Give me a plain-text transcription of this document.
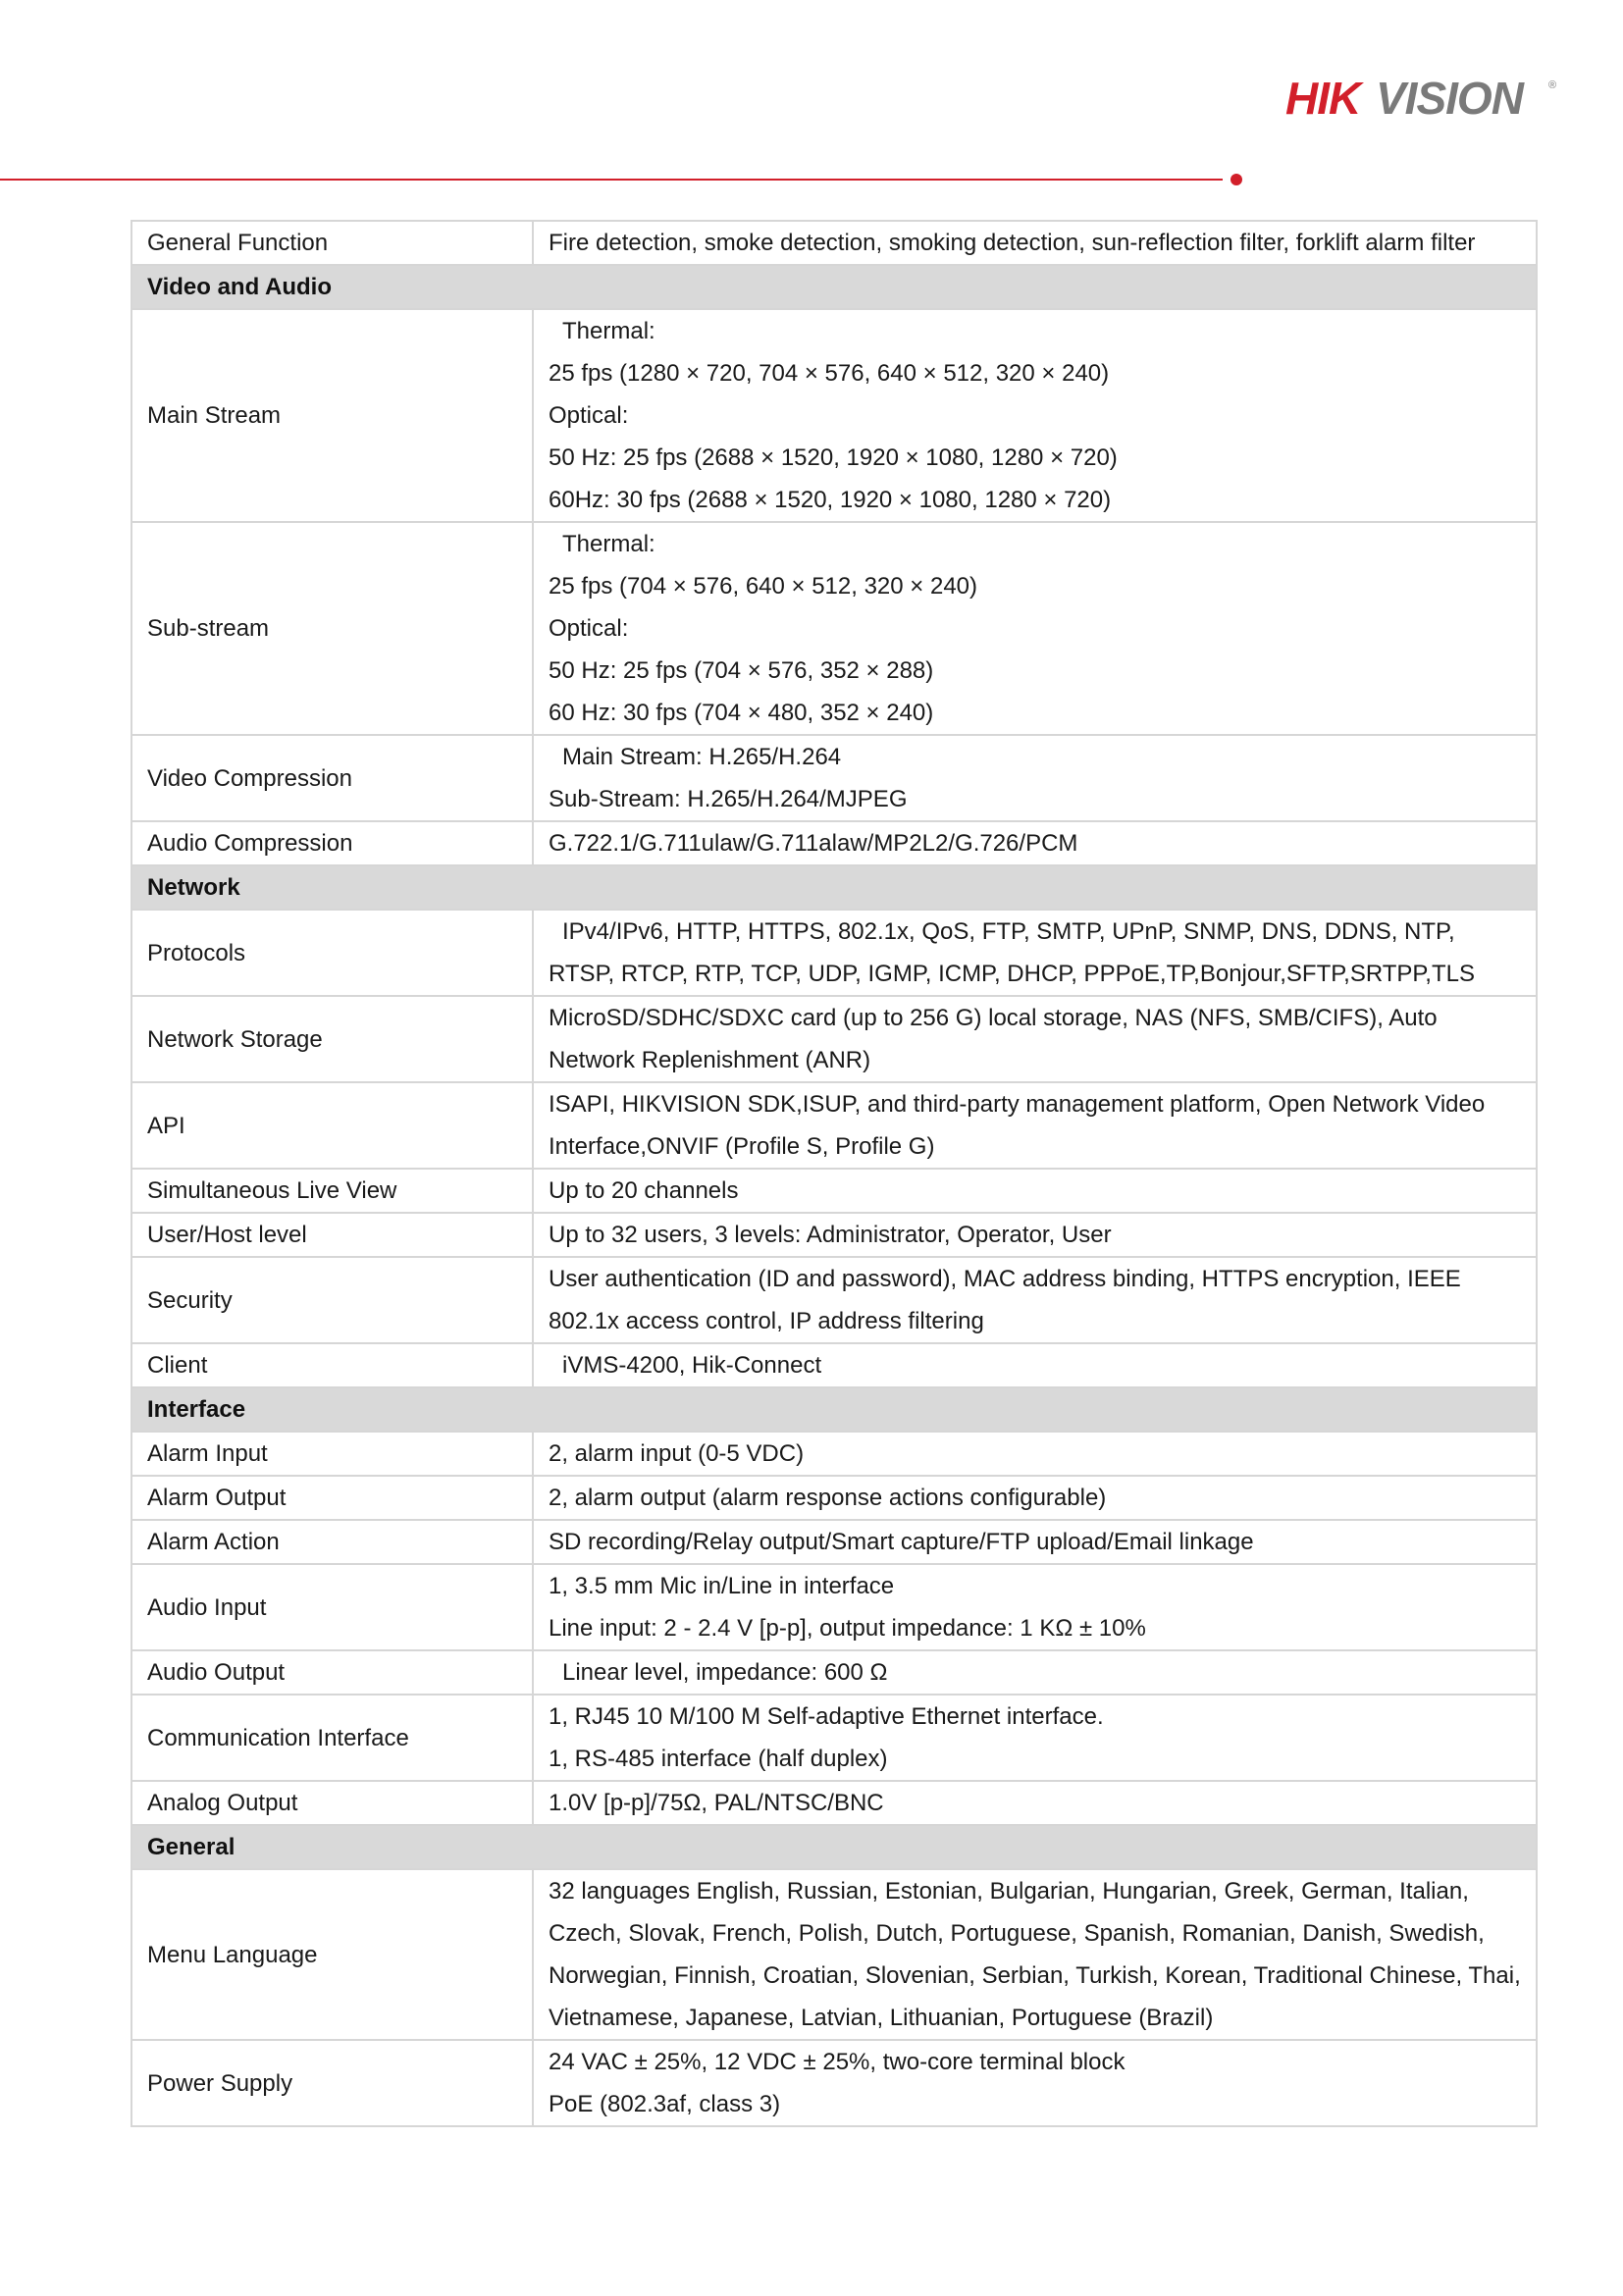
HIK VISION ®
General Function	Fire detection, smoke detection, smoking detection, sun-reflection filter, forklift alarm filter

Video and Audio	
Main Stream	Thermal:
25 fps (1280 × 720, 704 × 576, 640 × 512, 320 × 240)
Optical:
50 Hz: 25 fps (2688 × 1520, 1920 × 1080, 1280 × 720)
60Hz: 30 fps (2688 × 1520, 1920 × 1080, 1280 × 720)

Sub-stream	Thermal:
25 fps (704 × 576, 640 × 512, 320 × 240)
Optical:
50 Hz: 25 fps (704 × 576, 352 × 288)
60 Hz: 30 fps (704 × 480, 352 × 240)

Video Compression	Main Stream: H.265/H.264
Sub-Stream: H.265/H.264/MJPEG

Audio Compression	G.722.1/G.711ulaw/G.711alaw/MP2L2/G.726/PCM

Network	
Protocols	IPv4/IPv6, HTTP, HTTPS, 802.1x, QoS, FTP, SMTP, UPnP, SNMP, DNS, DDNS, NTP,
RTSP, RTCP, RTP, TCP, UDP, IGMP, ICMP, DHCP, PPPoE,TP,Bonjour,SFTP,SRTPP,TLS

Network Storage	MicroSD/SDHC/SDXC card (up to 256 G) local storage, NAS (NFS, SMB/CIFS), Auto Network Replenishment (ANR)

API	ISAPI, HIKVISION SDK,ISUP, and third-party management platform, Open Network Video Interface,ONVIF (Profile S, Profile G)

Simultaneous Live View	Up to 20 channels

User/Host level	Up to 32 users, 3 levels: Administrator, Operator, User

Security	User authentication (ID and password), MAC address binding, HTTPS encryption, IEEE 802.1x access control, IP address filtering

Client	iVMS-4200, Hik-Connect

Interface	
Alarm Input	2, alarm input (0-5 VDC)

Alarm Output	2, alarm output (alarm response actions configurable)

Alarm Action	SD recording/Relay output/Smart capture/FTP upload/Email linkage

Audio Input	1, 3.5 mm Mic in/Line in interface
Line input: 2 - 2.4 V [p-p], output impedance: 1 KΩ ± 10%

Audio Output	Linear level, impedance: 600 Ω

Communication Interface	1, RJ45 10 M/100 M Self-adaptive Ethernet interface.
1, RS-485 interface (half duplex)

Analog Output	1.0V [p-p]/75Ω, PAL/NTSC/BNC

General	
Menu Language	32 languages English, Russian, Estonian, Bulgarian, Hungarian, Greek, German, Italian, Czech, Slovak, French, Polish, Dutch, Portuguese, Spanish, Romanian, Danish, Swedish, Norwegian, Finnish, Croatian, Slovenian, Serbian, Turkish, Korean, Traditional Chinese, Thai, Vietnamese, Japanese, Latvian, Lithuanian, Portuguese (Brazil)

Power Supply	24 VAC ± 25%, 12 VDC ± 25%, two-core terminal block
PoE (802.3af, class 3)
